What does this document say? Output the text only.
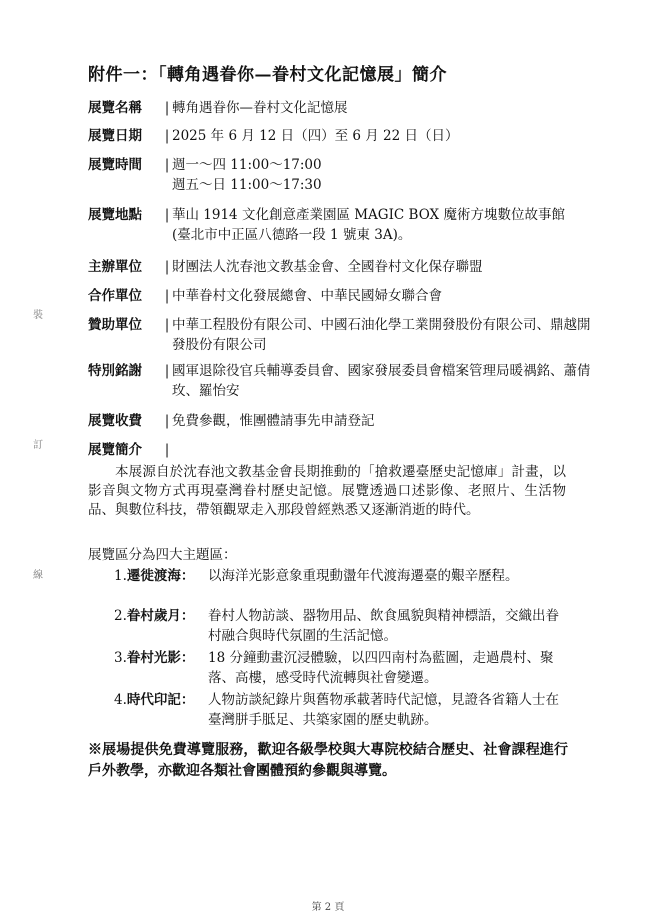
附件一：「轉角遇眷你—眷村文化記憶展」簡介
展覽名稱	| 轉角遇眷你—眷村文化記憶展
展覽日期	| 2025 年 6 月 12 日（四）至 6 月 22 日（日）
展覽時間	| 週一～四 11:00～17:00
週五～日 11:00～17:30
展覽地點	| 華山 1914 文化創意產業園區 MAGIC BOX 魔術方塊數位故事館
(臺北市中正區八德路一段 1 號東 3A)。
主辦單位	| 財團法人沈春池文教基金會、全國眷村文化保存聯盟
合作單位	| 中華眷村文化發展總會、中華民國婦女聯合會
贊助單位	| 中華工程股份有限公司、中國石油化學工業開發股份有限公司、鼎越開發股份有限公司
特別銘謝	| 國軍退除役官兵輔導委員會、國家發展委員會檔案管理局暖禑銘、蕭倩玫、羅怡安
展覽收費	| 免費參觀，惟團體請事先申請登記
展覽簡介	|
本展源自於沈春池文教基金會長期推動的「搶救遷臺歷史記憶庫」計畫，以影音與文物方式再現臺灣眷村歷史記憶。展覽透過口述影像、老照片、生活物品、與數位科技，帶領觀眾走入那段曾經熟悉又逐漸消逝的時代。
展覽區分為四大主題區：
1.遷徙渡海： 以海洋光影意象重現動盪年代渡海遷臺的艱辛歷程。
2.眷村歲月： 眷村人物訪談、器物用品、飲食風貌與精神標語，交織出眷村融合與時代氛圍的生活記憶。
3.眷村光影： 18 分鐘動畫沉浸體驗，以四四南村為藍圖，走過農村、聚落、高樓，感受時代流轉與社會變遷。
4.時代印記： 人物訪談紀錄片與舊物承載著時代記憶，見證各省籍人士在臺灣胼手胝足、共築家園的歷史軌跡。
※展場提供免費導覽服務，歡迎各級學校與大專院校結合歷史、社會課程進行戶外教學，亦歡迎各類社會團體預約參觀與導覽。
裝
訂
線
第 2 頁
